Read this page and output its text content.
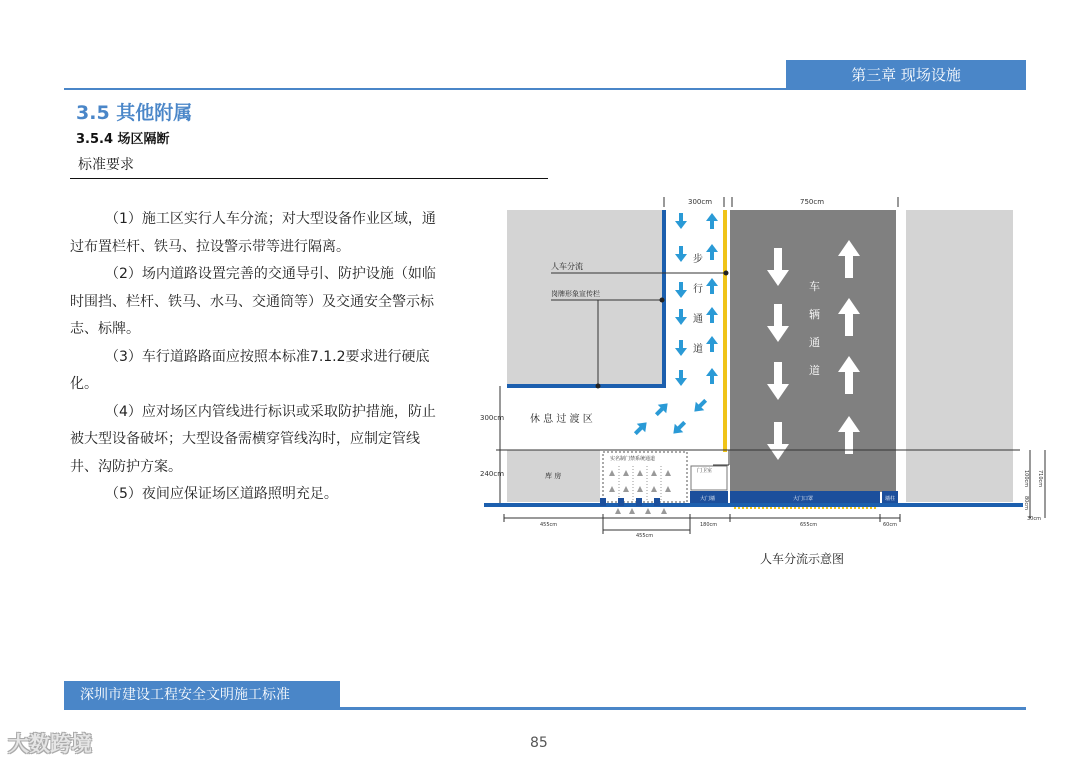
第三章 现场设施
3.5 其他附属
3.5.4 场区隔断
标准要求

（1）施工区实行人车分流；对大型设备作业区域，通过布置栏杆、铁马、拉设警示带等进行隔离。

（2）场内道路设置完善的交通导引、防护设施（如临时围挡、栏杆、铁马、水马、交通筒等）及交通安全警示标志、标牌。

（3）车行道路路面应按照本标准7.1.2要求进行硬底化。

（4）应对场区内管线进行标识或采取防护措施，防止被大型设备破坏；大型设备需横穿管线沟时，应制定管线井、沟防护方案。

（5）夜间应保证场区道路照明充足。

300cm	750cm
步
行
通
道
车
辆
通
道
人车分流
岗牌形象宣传栏
休 息 过 渡 区
300cm
240cm	库 房
实名制门禁系统通道
门卫室
大门墙	大门口罩	墙柱
100cm
80cm
710cm
30cm
455cm	180cm	655cm	60cm
455cm
人车分流示意图
深圳市建设工程安全文明施工标准
85
大数跨境
